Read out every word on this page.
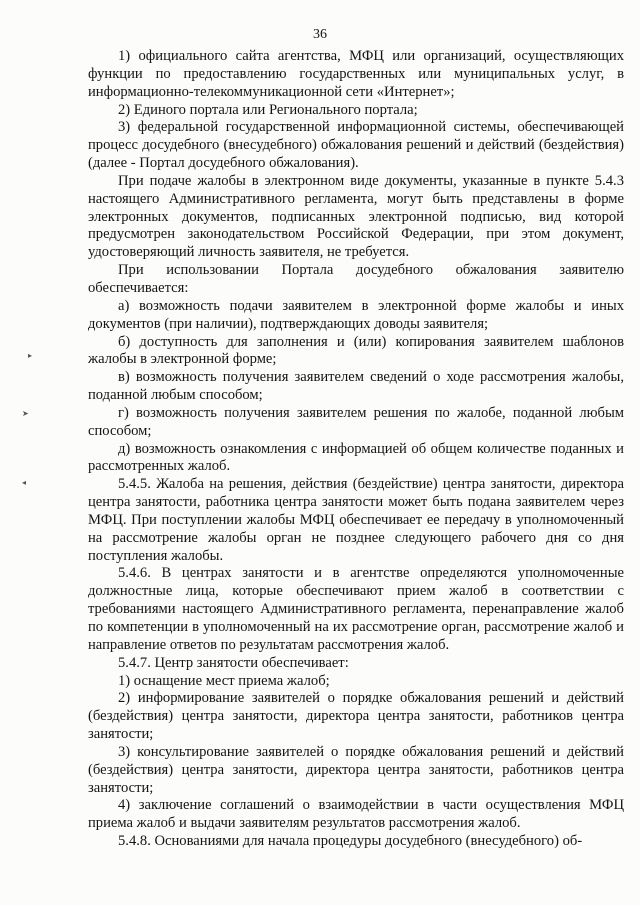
36
▸
➤
◂

1) официального сайта агентства, МФЦ или организаций, осуществляющих функции по предоставлению государственных или муниципальных услуг, в информационно-телекоммуникационной сети «Интернет»;

2) Единого портала или Регионального портала;

3) федеральной государственной информационной системы, обеспечивающей процесс досудебного (внесудебного) обжалования решений и действий (бездействия) (далее - Портал досудебного обжалования).

При подаче жалобы в электронном виде документы, указанные в пункте 5.4.3 настоящего Административного регламента, могут быть представлены в форме электронных документов, подписанных электронной подписью, вид которой предусмотрен законодательством Российской Федерации, при этом документ, удостоверяющий личность заявителя, не требуется.

При использовании Портала досудебного обжалования заявителю обеспечивается:

а) возможность подачи заявителем в электронной форме жалобы и иных документов (при наличии), подтверждающих доводы заявителя;

б) доступность для заполнения и (или) копирования заявителем шаблонов жалобы в электронной форме;

в) возможность получения заявителем сведений о ходе рассмотрения жалобы, поданной любым способом;

г) возможность получения заявителем решения по жалобе, поданной любым способом;

д) возможность ознакомления с информацией об общем количестве поданных и рассмотренных жалоб.

5.4.5. Жалоба на решения, действия (бездействие) центра занятости, директора центра занятости, работника центра занятости может быть подана заявителем через МФЦ. При поступлении жалобы МФЦ обеспечивает ее передачу в уполномоченный на рассмотрение жалобы орган не позднее следующего рабочего дня со дня поступления жалобы.

5.4.6. В центрах занятости и в агентстве определяются уполномоченные должностные лица, которые обеспечивают прием жалоб в соответствии с требованиями настоящего Административного регламента, перенаправление жалоб по компетенции в уполномоченный на их рассмотрение орган, рассмотрение жалоб и направление ответов по результатам рассмотрения жалоб.

5.4.7. Центр занятости обеспечивает:

1) оснащение мест приема жалоб;

2) информирование заявителей о порядке обжалования решений и действий (бездействия) центра занятости, директора центра занятости, работников центра занятости;

3) консультирование заявителей о порядке обжалования решений и действий (бездействия) центра занятости, директора центра занятости, работников центра занятости;

4) заключение соглашений о взаимодействии в части осуществления МФЦ приема жалоб и выдачи заявителям результатов рассмотрения жалоб.

5.4.8. Основаниями для начала процедуры досудебного (внесудебного) об-
